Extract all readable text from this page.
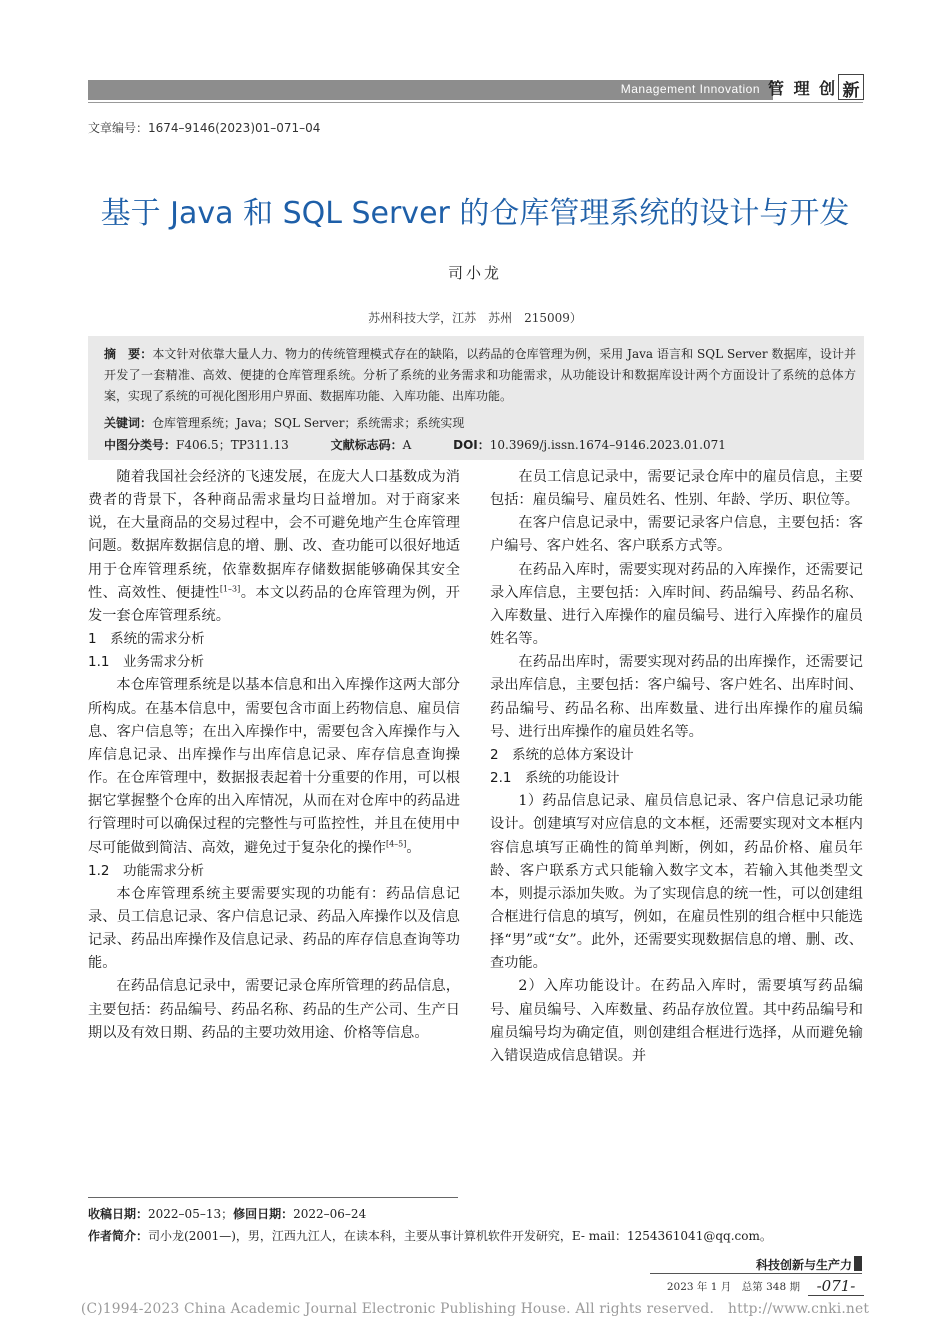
Management Innovation 管 理 创 新
文章编号：1674–9146(2023)01–071–04
基于 Java 和 SQL Server 的仓库管理系统的设计与开发
司小龙
苏州科技大学，江苏　苏州　215009）
摘　要：本文针对依靠大量人力、物力的传统管理模式存在的缺陷，以药品的仓库管理为例，采用 Java 语言和 SQL Server 数据库，设计并开发了一套精准、高效、便捷的仓库管理系统。分析了系统的业务需求和功能需求，从功能设计和数据库设计两个方面设计了系统的总体方案，实现了系统的可视化图形用户界面、数据库功能、入库功能、出库功能。
关键词：仓库管理系统；Java；SQL Server；系统需求；系统实现
中图分类号：F406.5；TP311.13	文献标志码：A	DOI：10.3969/j.issn.1674–9146.2023.01.071

随着我国社会经济的飞速发展，在庞大人口基数成为消费者的背景下，各种商品需求量均日益增加。对于商家来说，在大量商品的交易过程中，会不可避免地产生仓库管理问题。数据库数据信息的增、删、改、查功能可以很好地适用于仓库管理系统，依靠数据库存储数据能够确保其安全性、高效性、便捷性[1–3]。本文以药品的仓库管理为例，开发一套仓库管理系统。

1　系统的需求分析
1.1　业务需求分析

本仓库管理系统是以基本信息和出入库操作这两大部分所构成。在基本信息中，需要包含市面上药物信息、雇员信息、客户信息等；在出入库操作中，需要包含入库操作与入库信息记录、出库操作与出库信息记录、库存信息查询操作。在仓库管理中，数据报表起着十分重要的作用，可以根据它掌握整个仓库的出入库情况，从而在对仓库中的药品进行管理时可以确保过程的完整性与可监控性，并且在使用中尽可能做到简洁、高效，避免过于复杂化的操作[4–5]。

1.2　功能需求分析

本仓库管理系统主要需要实现的功能有：药品信息记录、员工信息记录、客户信息记录、药品入库操作以及信息记录、药品出库操作及信息记录、药品的库存信息查询等功能。

在药品信息记录中，需要记录仓库所管理的药品信息，主要包括：药品编号、药品名称、药品的生产公司、生产日期以及有效日期、药品的主要功效用途、价格等信息。

在员工信息记录中，需要记录仓库中的雇员信息，主要包括：雇员编号、雇员姓名、性别、年龄、学历、职位等。

在客户信息记录中，需要记录客户信息，主要包括：客户编号、客户姓名、客户联系方式等。

在药品入库时，需要实现对药品的入库操作，还需要记录入库信息，主要包括：入库时间、药品编号、药品名称、入库数量、进行入库操作的雇员编号、进行入库操作的雇员姓名等。

在药品出库时，需要实现对药品的出库操作，还需要记录出库信息，主要包括：客户编号、客户姓名、出库时间、药品编号、药品名称、出库数量、进行出库操作的雇员编号、进行出库操作的雇员姓名等。

2　系统的总体方案设计
2.1　系统的功能设计

1）药品信息记录、雇员信息记录、客户信息记录功能设计。创建填写对应信息的文本框，还需要实现对文本框内容信息填写正确性的简单判断，例如，药品价格、雇员年龄、客户联系方式只能输入数字文本，若输入其他类型文本，则提示添加失败。为了实现信息的统一性，可以创建组合框进行信息的填写，例如，在雇员性别的组合框中只能选择“男”或“女”。此外，还需要实现数据信息的增、删、改、查功能。

2）入库功能设计。在药品入库时，需要填写药品编号、雇员编号、入库数量、药品存放位置。其中药品编号和雇员编号均为确定值，则创建组合框进行选择，从而避免输入错误造成信息错误。并

收稿日期：2022–05–13；修回日期：2022–06–24
作者简介：司小龙(2001—)，男，江西九江人，在读本科，主要从事计算机软件开发研究，E- mail：1254361041@qq.com。
科技创新与生产力
2023 年 1 月　总第 348 期	-071-
(C)1994-2023 China Academic Journal Electronic Publishing House. All rights reserved.　http://www.cnki.net
